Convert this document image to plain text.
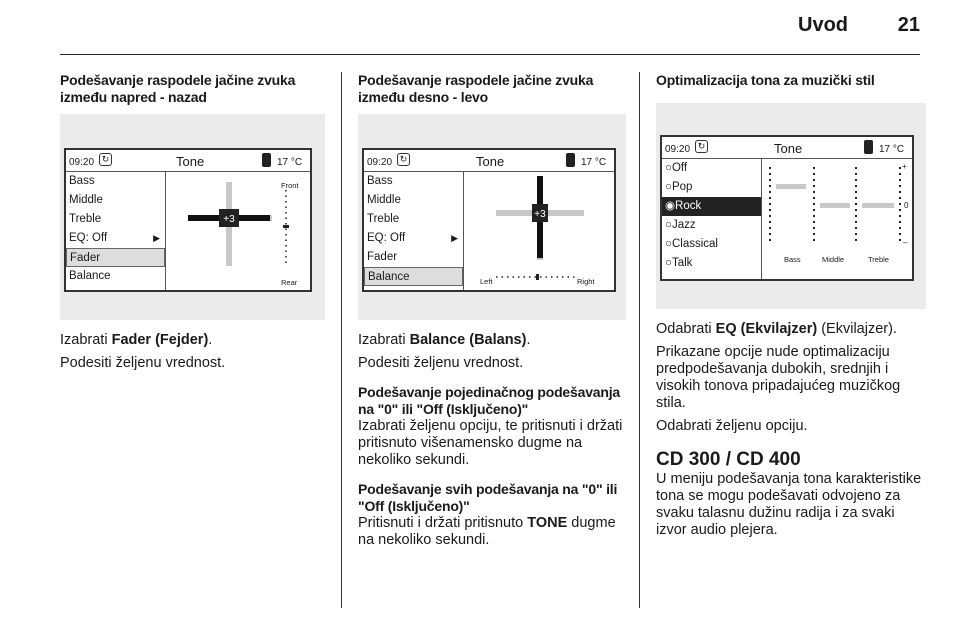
Uvod	21
Podešavanje raspodele jačine zvuka između napred - nazad
09:20 ↻	Tone	17 °C
Bass
Middle
Treble
EQ: Off	▶
Fader
Balance
+3
Front
Rear
Izabrati Fader (Fejder).
Podesiti željenu vrednost.
Podešavanje raspodele jačine zvuka između desno - levo
09:20 ↻	Tone	17 °C
Bass
Middle
Treble
EQ: Off	▶
Fader
Balance
+3
Left	Right
Izabrati Balance (Balans).
Podesiti željenu vrednost.
Podešavanje pojedinačnog podešavanja na "0" ili "Off (Isključeno)"
Izabrati željenu opciju, te pritisnuti i držati pritisnuto višenamensko dugme na nekoliko sekundi.
Podešavanje svih podešavanja na "0" ili "Off (Isključeno)"
Pritisnuti i držati pritisnuto TONE dugme na nekoliko sekundi.
Optimalizacija tona za muzički stil
09:20 ↻	Tone	17 °C
○Off
○Pop
◉Rock
○Jazz
○Classical
○Talk
+
0
–
Bass	Middle	Treble
Odabrati EQ (Ekvilajzer) (Ekvilajzer).
Prikazane opcije nude optimalizaciju predpodešavanja dubokih, srednjih i visokih tonova pripadajućeg muzičkog stila.
Odabrati željenu opciju.
CD 300 / CD 400
U meniju podešavanja tona karakteristike tona se mogu podešavati odvojeno za svaku talasnu dužinu radija i za svaki izvor audio plejera.
